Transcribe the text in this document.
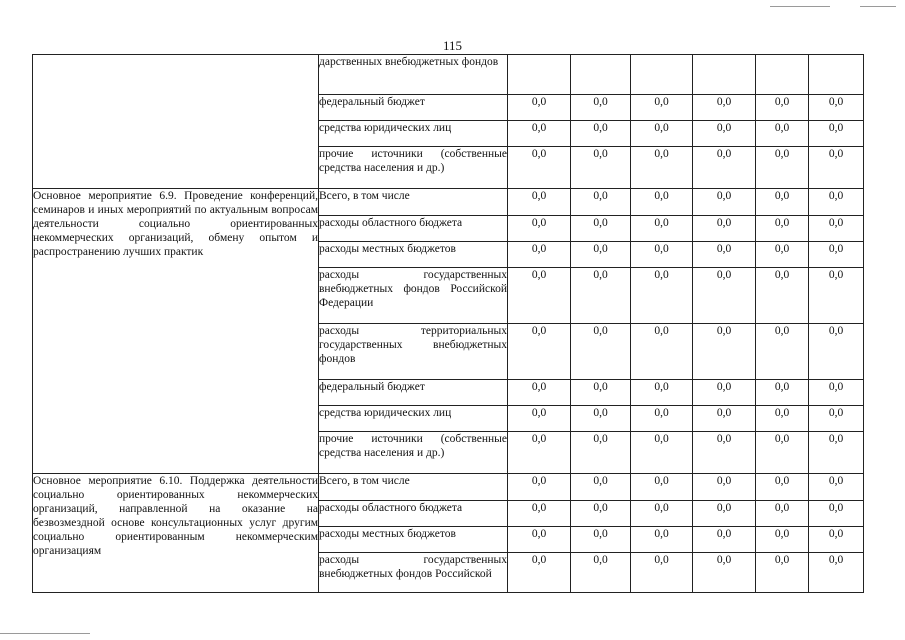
115
	дарственных внебюджетных фондов						
	федеральный бюджет	0,0	0,0	0,0	0,0	0,0	0,0
	средства юридических лиц	0,0	0,0	0,0	0,0	0,0	0,0
	прочие источники (собственные средства населения и др.)	0,0	0,0	0,0	0,0	0,0	0,0
Основное мероприятие 6.9. Проведение конференций, семинаров и иных мероприятий по актуальным вопросам деятельности социально ориентированных некоммерческих организаций, обмену опытом и распространению лучших практик	Всего, в том числе	0,0	0,0	0,0	0,0	0,0	0,0
	расходы областного бюджета	0,0	0,0	0,0	0,0	0,0	0,0
	расходы местных бюджетов	0,0	0,0	0,0	0,0	0,0	0,0
	расходы государственных внебюджетных фондов Российской Федерации	0,0	0,0	0,0	0,0	0,0	0,0
	расходы территориальных государственных внебюджетных фондов	0,0	0,0	0,0	0,0	0,0	0,0
	федеральный бюджет	0,0	0,0	0,0	0,0	0,0	0,0
	средства юридических лиц	0,0	0,0	0,0	0,0	0,0	0,0
	прочие источники (собственные средства населения и др.)	0,0	0,0	0,0	0,0	0,0	0,0
Основное мероприятие 6.10. Поддержка деятельности социально ориентированных некоммерческих организаций, направленной на оказание на безвозмездной основе консультационных услуг другим социально ориентированным некоммерческим организациям	Всего, в том числе	0,0	0,0	0,0	0,0	0,0	0,0
	расходы областного бюджета	0,0	0,0	0,0	0,0	0,0	0,0
	расходы местных бюджетов	0,0	0,0	0,0	0,0	0,0	0,0
	расходы государственных внебюджетных фондов Российской	0,0	0,0	0,0	0,0	0,0	0,0
